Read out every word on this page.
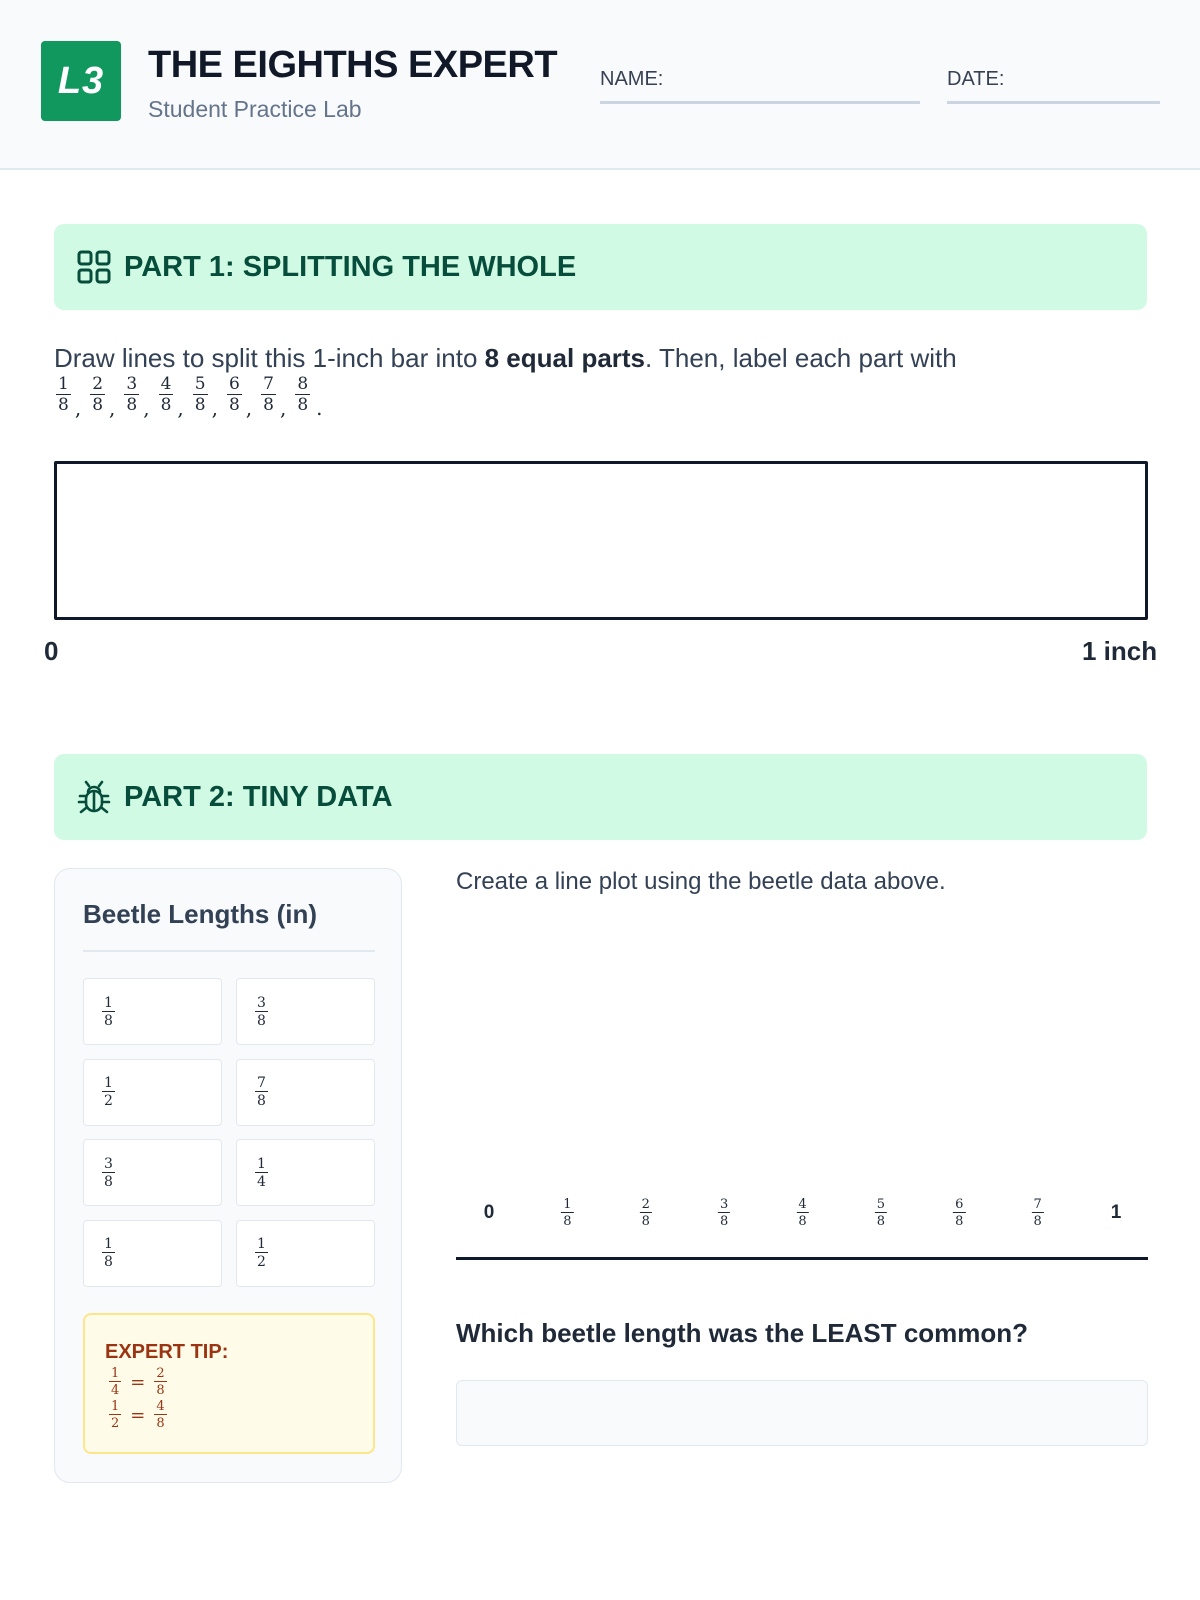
L3	THE EIGHTHS EXPERT
Student Practice Lab
NAME:	DATE:
PART 1: SPLITTING THE WHOLE
Draw lines to split this 1-inch bar into 8 equal parts. Then, label each part with
1
8 ,
2
8 ,
3
8 ,
4
8 ,
5
8 ,
6
8 ,
7
8 ,
8
8 .
0	1 inch
PART 2: TINY DATA
Beetle Lengths (in)
EXPERT TIP:
$\frac{1}{4} = \frac{2}{8}$
$\frac{1}{2} = \frac{4}{8}$
1
8
3
8
1
2
7
8
3
8
1
4
1
8
1
2
Create a line plot using the beetle data above.
0	1
1
8
2
8
3
8
4
8
5
8
6
8
7
8
Which beetle length was the LEAST common?
